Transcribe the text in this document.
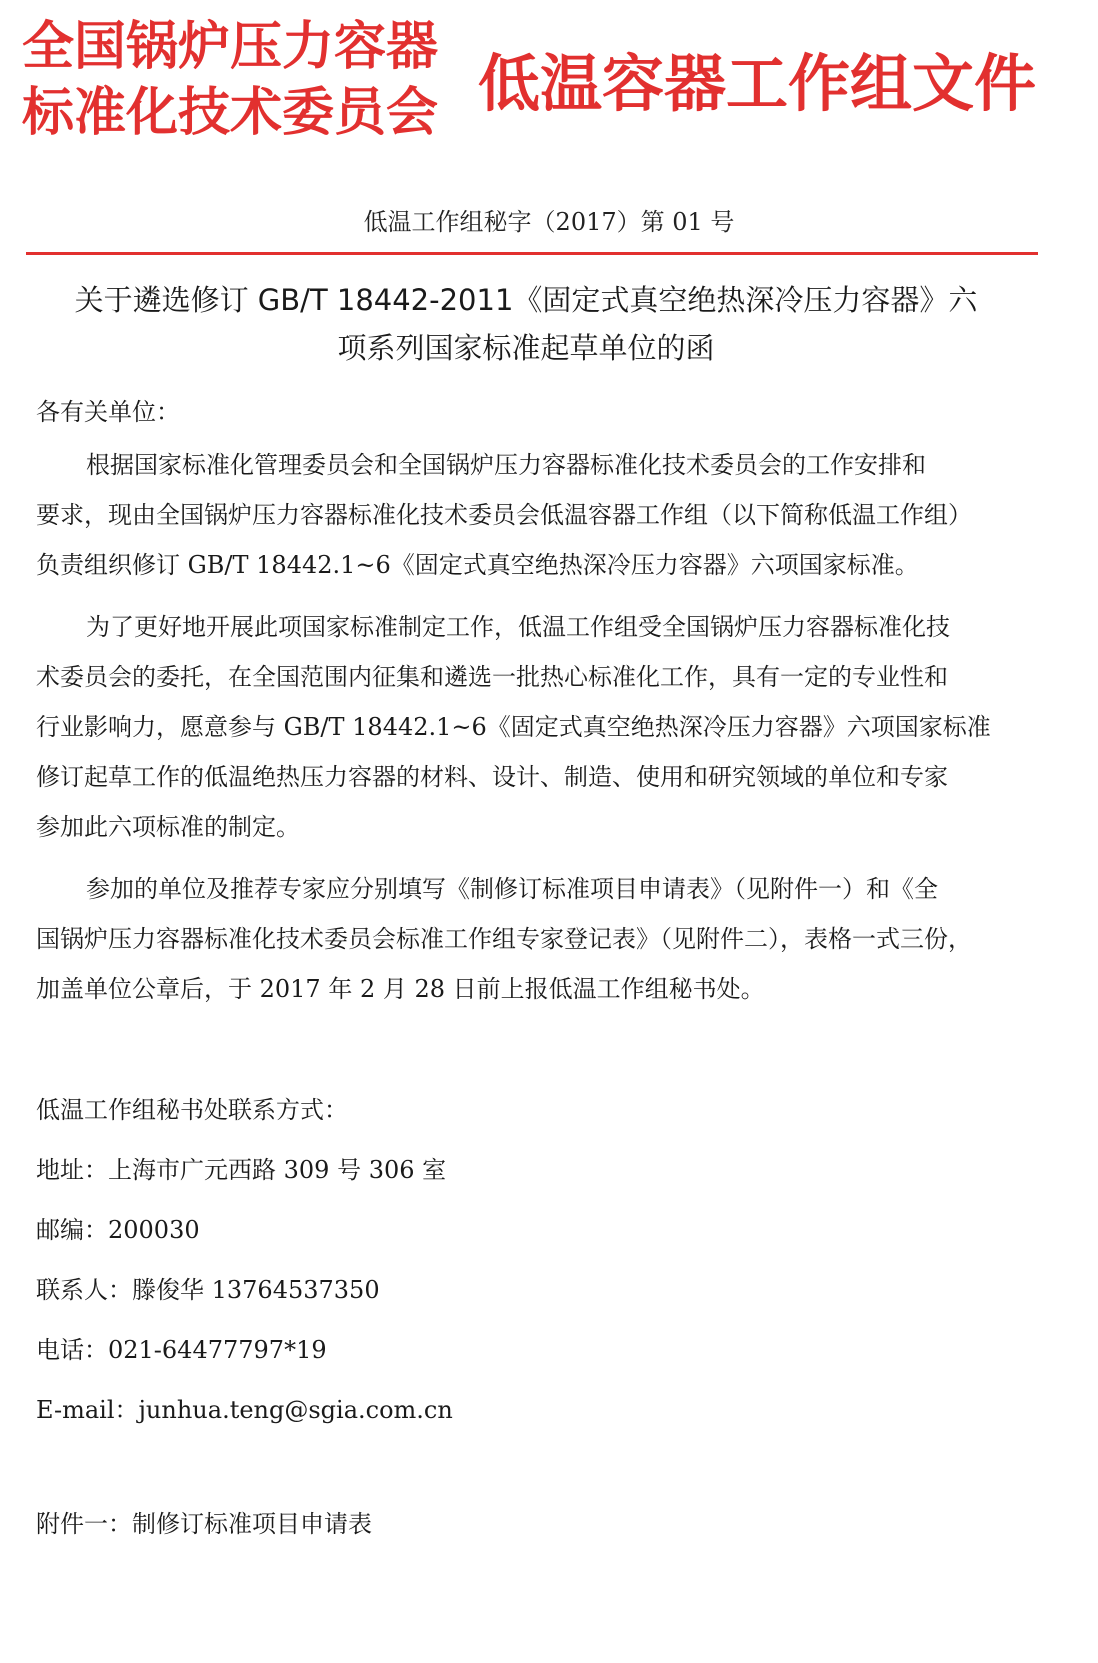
全国锅炉压力容器
标准化技术委员会 低温容器工作组文件
低温工作组秘字（2017）第 01 号
关于遴选修订 GB/T 18442-2011《固定式真空绝热深冷压力容器》六
项系列国家标准起草单位的函
各有关单位：
根据国家标准化管理委员会和全国锅炉压力容器标准化技术委员会的工作安排和
要求，现由全国锅炉压力容器标准化技术委员会低温容器工作组（以下简称低温工作组）
负责组织修订 GB/T 18442.1~6《固定式真空绝热深冷压力容器》六项国家标准。
为了更好地开展此项国家标准制定工作，低温工作组受全国锅炉压力容器标准化技
术委员会的委托，在全国范围内征集和遴选一批热心标准化工作，具有一定的专业性和
行业影响力，愿意参与 GB/T 18442.1~6《固定式真空绝热深冷压力容器》六项国家标准
修订起草工作的低温绝热压力容器的材料、设计、制造、使用和研究领域的单位和专家
参加此六项标准的制定。
参加的单位及推荐专家应分别填写《制修订标准项目申请表》（见附件一）和《全
国锅炉压力容器标准化技术委员会标准工作组专家登记表》（见附件二），表格一式三份，
加盖单位公章后，于 2017 年 2 月 28 日前上报低温工作组秘书处。
低温工作组秘书处联系方式：
地址：上海市广元西路 309 号 306 室
邮编：200030
联系人：滕俊华 13764537350
电话：021-64477797*19
E-mail：junhua.teng@sgia.com.cn
附件一：制修订标准项目申请表
